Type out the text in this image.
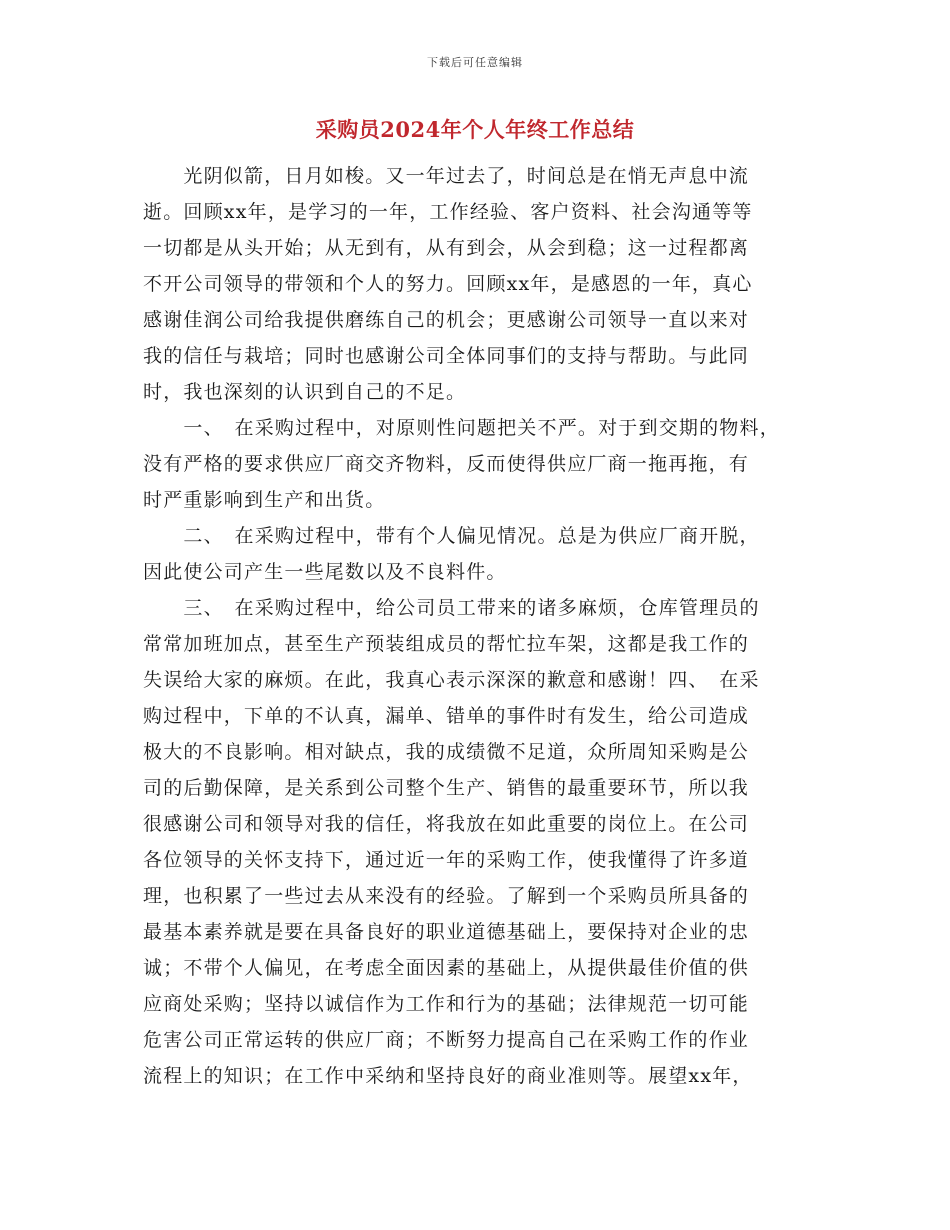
下载后可任意编辑
采购员2024年个人年终工作总结
　　光阴似箭，日月如梭。又一年过去了，时间总是在悄无声息中流
逝。回顾xx年，是学习的一年，工作经验、客户资料、社会沟通等等
一切都是从头开始；从无到有，从有到会，从会到稳；这一过程都离
不开公司领导的带领和个人的努力。回顾xx年，是感恩的一年，真心
感谢佳润公司给我提供磨练自己的机会；更感谢公司领导一直以来对
我的信任与栽培；同时也感谢公司全体同事们的支持与帮助。与此同
时，我也深刻的认识到自己的不足。
　　一、　在采购过程中，对原则性问题把关不严。对于到交期的物料，
没有严格的要求供应厂商交齐物料，反而使得供应厂商一拖再拖，有
时严重影响到生产和出货。
　　二、　在采购过程中，带有个人偏见情况。总是为供应厂商开脱，
因此使公司产生一些尾数以及不良料件。
　　三、　在采购过程中，给公司员工带来的诸多麻烦，仓库管理员的
常常加班加点，甚至生产预装组成员的帮忙拉车架，这都是我工作的
失误给大家的麻烦。在此，我真心表示深深的歉意和感谢！四、　在采
购过程中，下单的不认真，漏单、错单的事件时有发生，给公司造成
极大的不良影响。相对缺点，我的成绩微不足道，众所周知采购是公
司的后勤保障，是关系到公司整个生产、销售的最重要环节，所以我
很感谢公司和领导对我的信任，将我放在如此重要的岗位上。在公司
各位领导的关怀支持下，通过近一年的采购工作，使我懂得了许多道
理，也积累了一些过去从来没有的经验。了解到一个采购员所具备的
最基本素养就是要在具备良好的职业道德基础上，要保持对企业的忠
诚；不带个人偏见，在考虑全面因素的基础上，从提供最佳价值的供
应商处采购；坚持以诚信作为工作和行为的基础；法律规范一切可能
危害公司正常运转的供应厂商；不断努力提高自己在采购工作的作业
流程上的知识；在工作中采纳和坚持良好的商业准则等。展望xx年，
